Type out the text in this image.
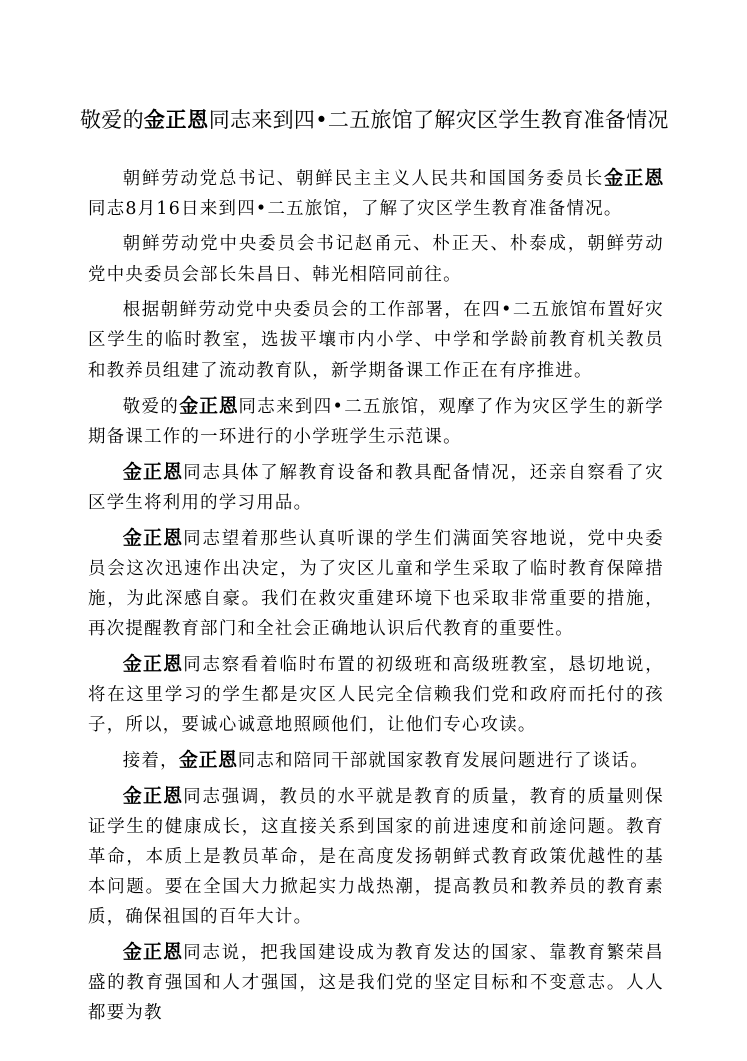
敬爱的金正恩同志来到四•二五旅馆了解灾区学生教育准备情况

朝鲜劳动党总书记、朝鲜民主主义人民共和国国务委员长金正恩同志8月16日来到四•二五旅馆，了解了灾区学生教育准备情况。

朝鲜劳动党中央委员会书记赵甬元、朴正天、朴泰成，朝鲜劳动党中央委员会部长朱昌日、韩光相陪同前往。

根据朝鲜劳动党中央委员会的工作部署，在四•二五旅馆布置好灾区学生的临时教室，选拔平壤市内小学、中学和学龄前教育机关教员和教养员组建了流动教育队，新学期备课工作正在有序推进。

敬爱的金正恩同志来到四•二五旅馆，观摩了作为灾区学生的新学期备课工作的一环进行的小学班学生示范课。

金正恩同志具体了解教育设备和教具配备情况，还亲自察看了灾区学生将利用的学习用品。

金正恩同志望着那些认真听课的学生们满面笑容地说，党中央委员会这次迅速作出决定，为了灾区儿童和学生采取了临时教育保障措施，为此深感自豪。我们在救灾重建环境下也采取非常重要的措施，再次提醒教育部门和全社会正确地认识后代教育的重要性。

金正恩同志察看着临时布置的初级班和高级班教室，恳切地说，将在这里学习的学生都是灾区人民完全信赖我们党和政府而托付的孩子，所以，要诚心诚意地照顾他们，让他们专心攻读。

接着，金正恩同志和陪同干部就国家教育发展问题进行了谈话。

金正恩同志强调，教员的水平就是教育的质量，教育的质量则保证学生的健康成长，这直接关系到国家的前进速度和前途问题。教育革命，本质上是教员革命，是在高度发扬朝鲜式教育政策优越性的基本问题。要在全国大力掀起实力战热潮，提高教员和教养员的教育素质，确保祖国的百年大计。

金正恩同志说，把我国建设成为教育发达的国家、靠教育繁荣昌盛的教育强国和人才强国，这是我们党的坚定目标和不变意志。人人都要为教
